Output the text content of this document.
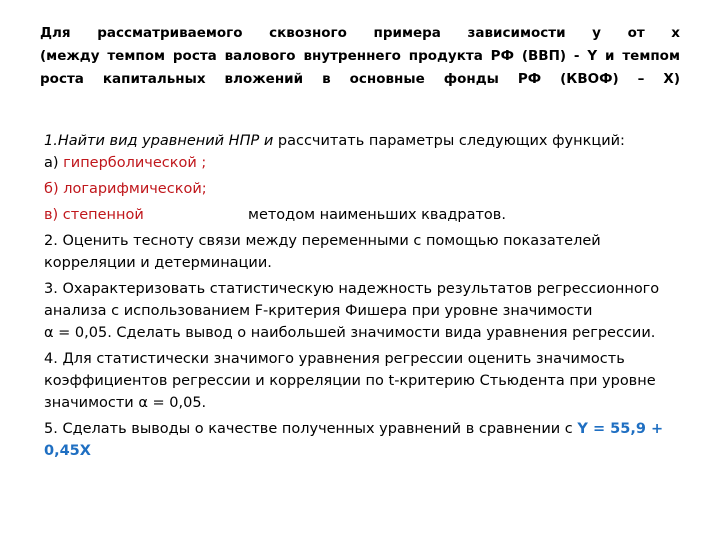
Для рассматриваемого сквозного примера зависимости у от х
(между темпом роста валового внутреннего продукта РФ (ВВП) - Y и темпом
роста капитальных вложений в основные фонды РФ (КВОФ) – Х)
1.Найти вид уравнений НПР и рассчитать параметры следующих функций:
а) гиперболической ;
б) логарифмической;
в) степенной	методом наименьших квадратов.
2. Оценить тесноту связи между переменными с помощью показателей
корреляции и детерминации.
3. Охарактеризовать статистическую надежность результатов регрессионного
анализа с использованием F-критерия Фишера при уровне значимости
α = 0,05. Сделать вывод о наибольшей значимости вида уравнения регрессии.
4. Для статистически значимого уравнения регрессии оценить значимость
коэффициентов регрессии и корреляции по t-критерию Стьюдента при уровне
значимости α = 0,05.
5. Сделать выводы о качестве полученных уравнений в сравнении с Y = 55,9 +
0,45X
